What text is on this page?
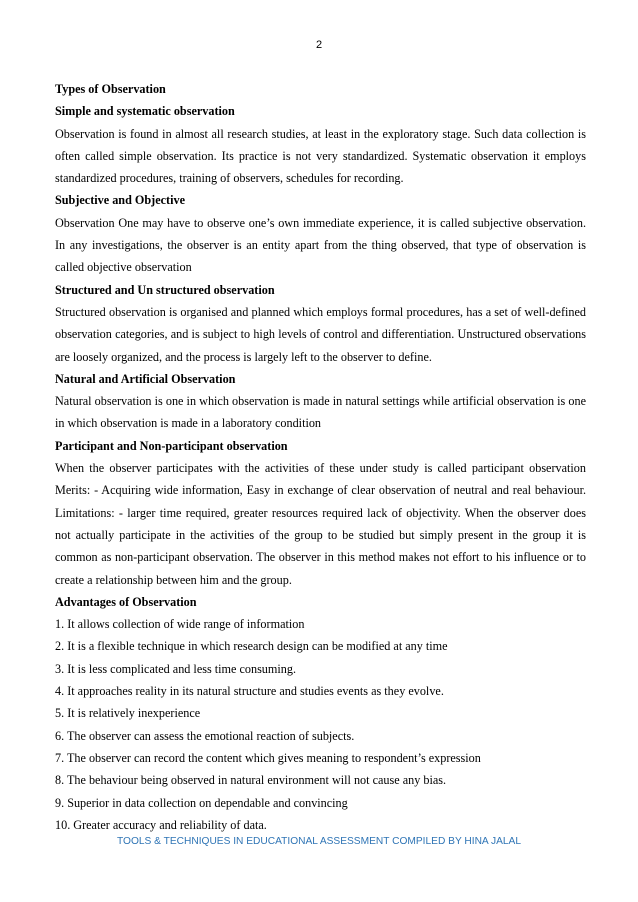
2

Types of Observation

Simple and systematic observation

Observation is found in almost all research studies, at least in the exploratory stage. Such data collection is often called simple observation. Its practice is not very standardized. Systematic observation it employs standardized procedures, training of observers, schedules for recording.

Subjective and Objective

Observation One may have to observe one’s own immediate experience, it is called subjective observation. In any investigations, the observer is an entity apart from the thing observed, that type of observation is called objective observation

Structured and Un structured observation

Structured observation is organised and planned which employs formal procedures, has a set of well-defined observation categories, and is subject to high levels of control and differentiation. Unstructured observations are loosely organized, and the process is largely left to the observer to define.

Natural and Artificial Observation

Natural observation is one in which observation is made in natural settings while artificial observation is one in which observation is made in a laboratory condition

Participant and Non-participant observation

When the observer participates with the activities of these under study is called participant observation Merits: - Acquiring wide information, Easy in exchange of clear observation of neutral and real behaviour. Limitations: - larger time required, greater resources required lack of objectivity. When the observer does not actually participate in the activities of the group to be studied but simply present in the group it is common as non-participant observation. The observer in this method makes not effort to his influence or to create a relationship between him and the group.

Advantages of Observation

1. It allows collection of wide range of information

2. It is a flexible technique in which research design can be modified at any time

3. It is less complicated and less time consuming.

4. It approaches reality in its natural structure and studies events as they evolve.

5. It is relatively inexperience

6. The observer can assess the emotional reaction of subjects.

7. The observer can record the content which gives meaning to respondent’s expression

8. The behaviour being observed in natural environment will not cause any bias.

9. Superior in data collection on dependable and convincing

10. Greater accuracy and reliability of data.

TOOLS & TECHNIQUES IN EDUCATIONAL ASSESSMENT COMPILED BY HINA JALAL
